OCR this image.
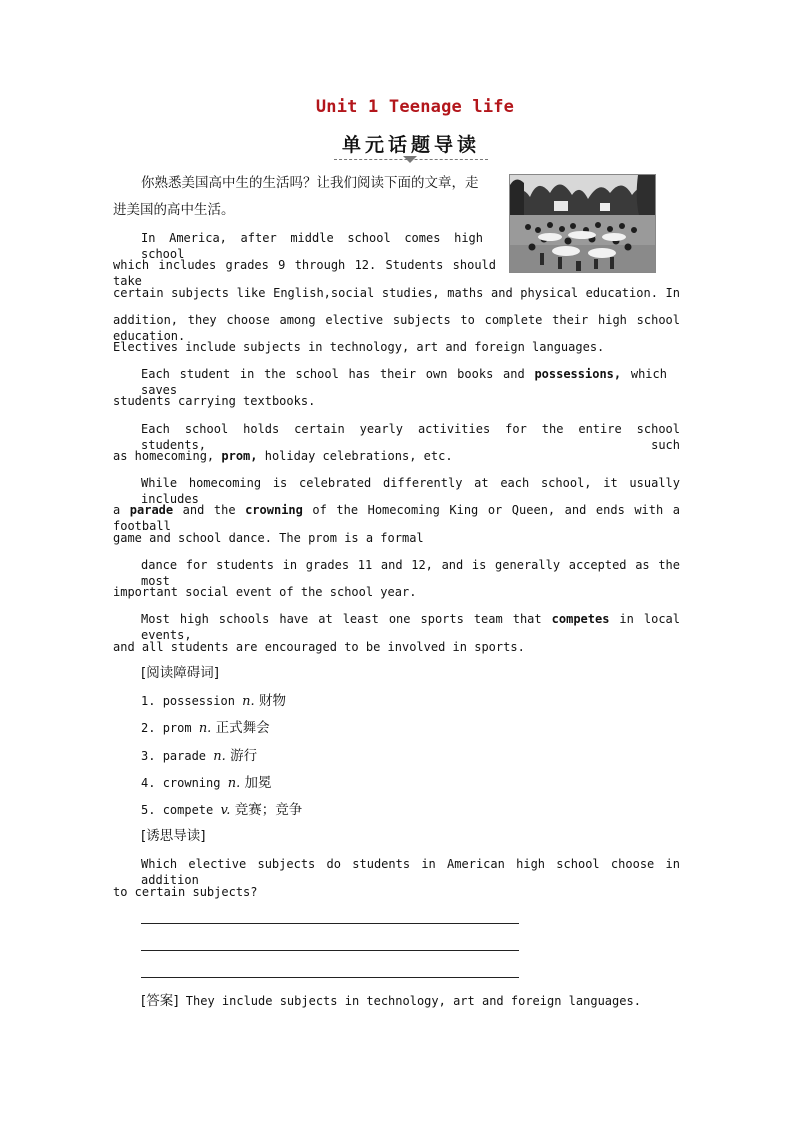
Unit 1 Teenage life
单元话题导读
你熟悉美国高中生的生活吗？让我们阅读下面的文章，走
进美国的高中生活。
In America, after middle school comes high school
which includes grades 9 through 12. Students should take
certain subjects like English,social studies, maths and physical education. In
addition, they choose among elective subjects to complete their high school education.
Electives include subjects in technology, art and foreign languages.
Each student in the school has their own books and possessions, which saves
students carrying textbooks.
Each school holds certain yearly activities for the entire school students, such
as homecoming, prom, holiday celebrations, etc.
While homecoming is celebrated differently at each school, it usually includes
a parade and the crowning of the Homecoming King or Queen, and ends with a football
game and school dance. The prom is a formal
dance for students in grades 11 and 12, and is generally accepted as the most
important social event of the school year.
Most high schools have at least one sports team that competes in local events,
and all students are encouraged to be involved in sports.
[阅读障碍词]
1. possession n. 财物
2. prom n. 正式舞会
3. parade n. 游行
4. crowning n. 加冕
5. compete v. 竞赛；竞争
[诱思导读]
Which elective subjects do students in American high school choose in addition
to certain subjects?
[答案] They include subjects in technology, art and foreign languages.
